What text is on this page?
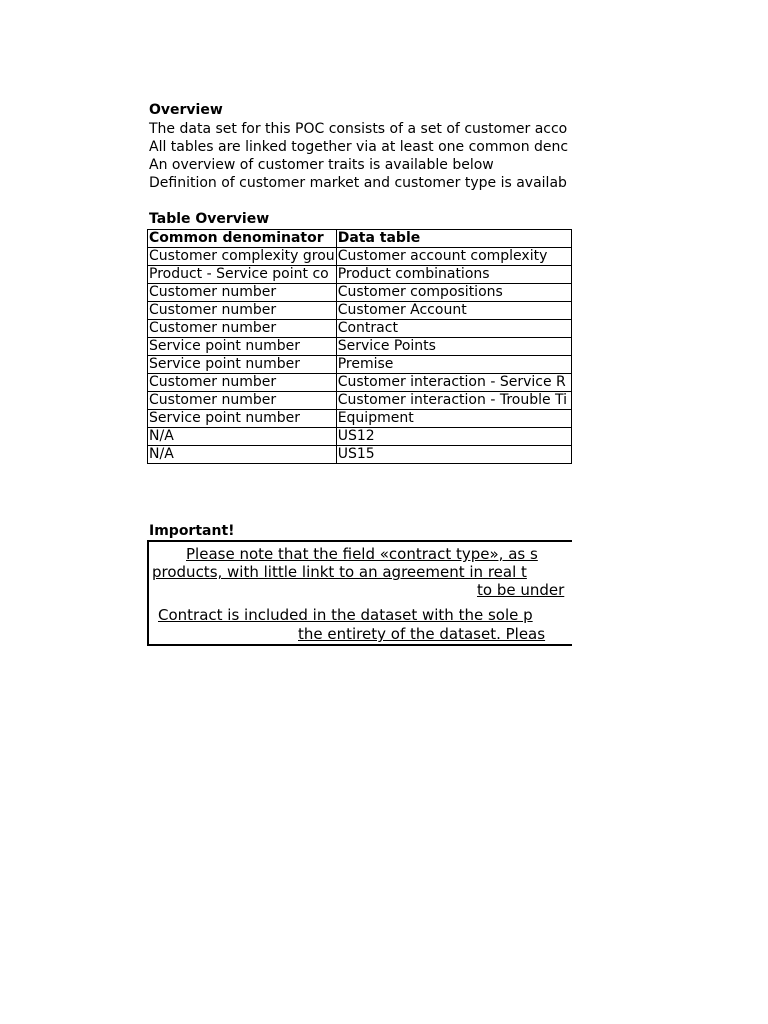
Overview
The data set for this POC consists of a set of customer acco
All tables are linked together via at least one common denc
An overview of customer traits is available below
Definition of customer market and customer type is availab
Table Overview
Common denominator	Data table
Customer complexity grou	Customer account complexity
Product - Service point co	Product combinations
Customer number	Customer compositions
Customer number	Customer Account
Customer number	Contract
Service point number	Service Points
Service point number	Premise
Customer number	Customer interaction - Service R
Customer number	Customer interaction - Trouble Ti
Service point number	Equipment
N/A	US12
N/A	US15
Important!
Please note that the field «contract type», as s
products, with little linkt to an agreement in real t
to be under
Contract is included in the dataset with the sole p
the entirety of the dataset. Pleas
